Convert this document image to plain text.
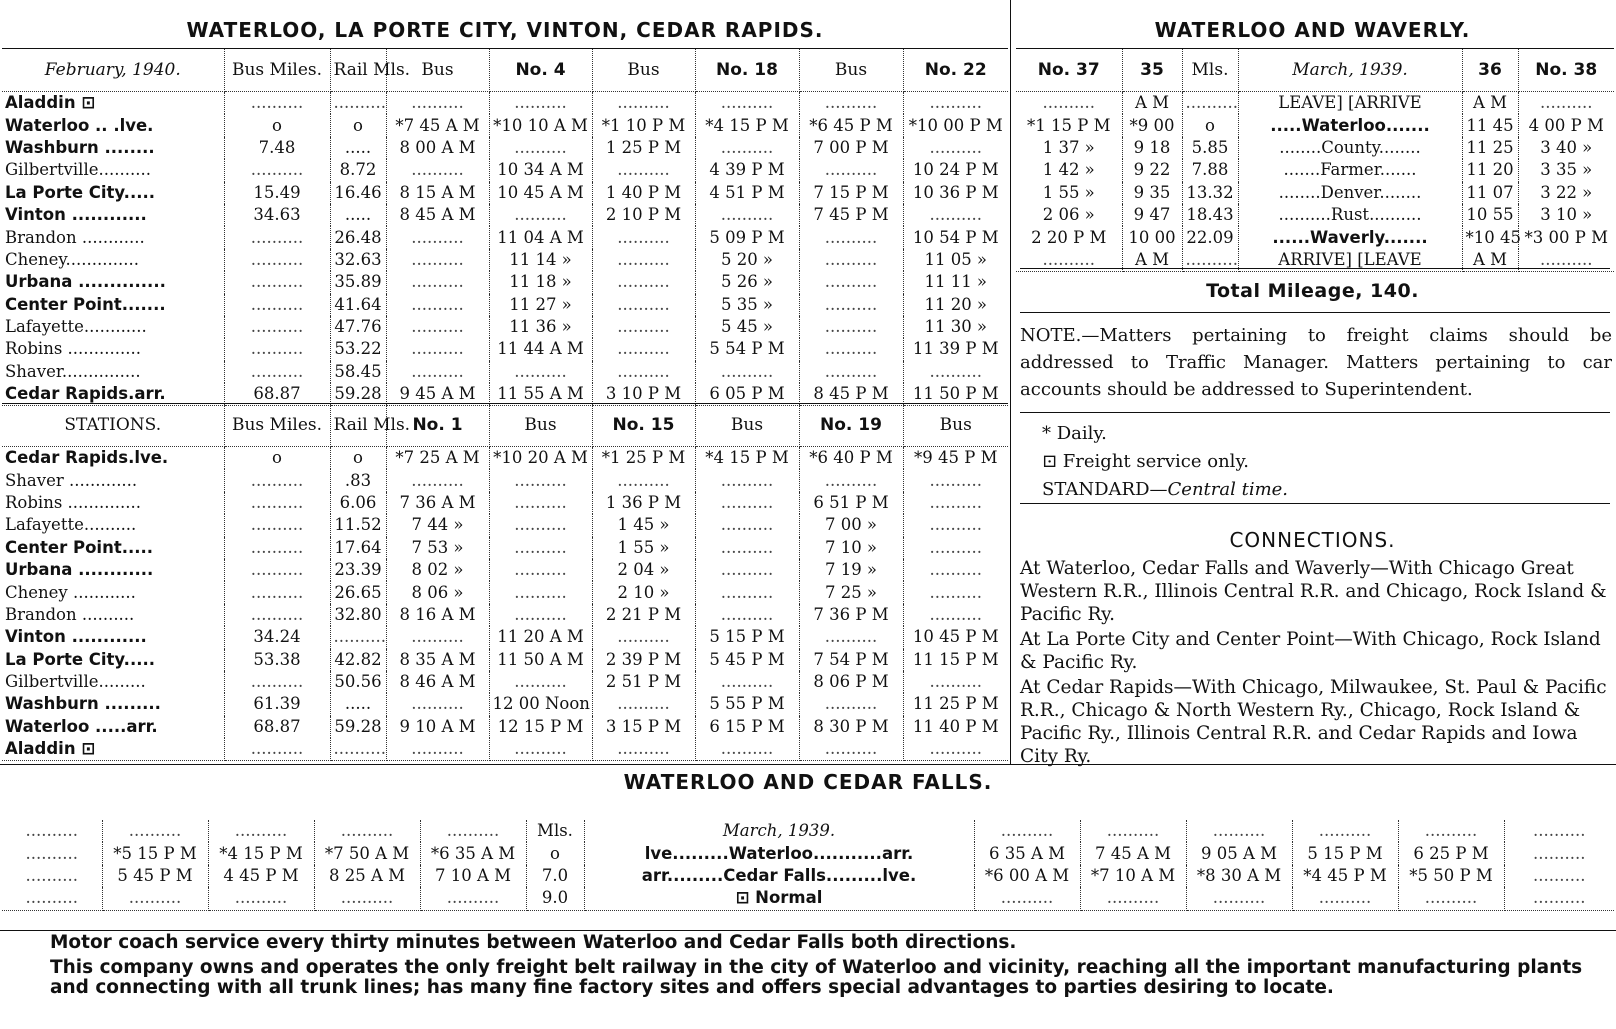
WATERLOO, LA PORTE CITY, VINTON, CEDAR RAPIDS.	WATERLOO AND WAVERLY.
WATERLOO AND CEDAR FALLS.
February, 1940.	Bus Miles.	Rail Mls.	Bus	No. 4	Bus	No. 18	Bus	No. 22
Aladdin ⊡	..........	..........	..........	..........	..........	..........	..........	..........
Waterloo .. .lve.	o	o	*7 45 A M	*10 10 A M	*1 10 P M	*4 15 P M	*6 45 P M	*10 00 P M
Washburn ........	7.48	.....	8 00 A M	..........	1 25 P M	..........	7 00 P M	..........
Gilbertville..........	..........	8.72	..........	10 34 A M	..........	4 39 P M	..........	10 24 P M
La Porte City.....	15.49	16.46	8 15 A M	10 45 A M	1 40 P M	4 51 P M	7 15 P M	10 36 P M
Vinton ............	34.63	.....	8 45 A M	..........	2 10 P M	..........	7 45 P M	..........
Brandon ............	..........	26.48	..........	11 04 A M	..........	5 09 P M	..........	10 54 P M
Cheney..............	..........	32.63	..........	11 14 »	..........	5 20 »	..........	11 05 »
Urbana ..............	..........	35.89	..........	11 18 »	..........	5 26 »	..........	11 11 »
Center Point.......	..........	41.64	..........	11 27 »	..........	5 35 »	..........	11 20 »
Lafayette............	..........	47.76	..........	11 36 »	..........	5 45 »	..........	11 30 »
Robins ..............	..........	53.22	..........	11 44 A M	..........	5 54 P M	..........	11 39 P M
Shaver...............	..........	58.45	..........	..........	..........	..........	..........	..........
Cedar Rapids.arr.	68.87	59.28	9 45 A M	11 55 A M	3 10 P M	6 05 P M	8 45 P M	11 50 P M
STATIONS.	Bus Miles.	Rail Mls.	No. 1	Bus	No. 15	Bus	No. 19	Bus
Cedar Rapids.lve.	o	o	*7 25 A M	*10 20 A M	*1 25 P M	*4 15 P M	*6 40 P M	*9 45 P M
Shaver .............	..........	.83	..........	..........	..........	..........	..........	..........
Robins ..............	..........	6.06	7 36 A M	..........	1 36 P M	..........	6 51 P M	..........
Lafayette..........	..........	11.52	7 44 »	..........	1 45 »	..........	7 00 »	..........
Center Point.....	..........	17.64	7 53 »	..........	1 55 »	..........	7 10 »	..........
Urbana ............	..........	23.39	8 02 »	..........	2 04 »	..........	7 19 »	..........
Cheney ............	..........	26.65	8 06 »	..........	2 10 »	..........	7 25 »	..........
Brandon ..........	..........	32.80	8 16 A M	..........	2 21 P M	..........	7 36 P M	..........
Vinton ............	34.24	..........	..........	11 20 A M	..........	5 15 P M	..........	10 45 P M
La Porte City.....	53.38	42.82	8 35 A M	11 50 A M	2 39 P M	5 45 P M	7 54 P M	11 15 P M
Gilbertville.........	..........	50.56	8 46 A M	..........	2 51 P M	..........	8 06 P M	..........
Washburn .........	61.39	.....	..........	12 00 Noon	..........	5 55 P M	..........	11 25 P M
Waterloo .....arr.	68.87	59.28	9 10 A M	12 15 P M	3 15 P M	6 15 P M	8 30 P M	11 40 P M
Aladdin ⊡	..........	..........	..........	..........	..........	..........	..........	..........
No. 37	35	Mls.	March, 1939.	36	No. 38
..........	A M	..........	LEAVE] [ARRIVE	A M	..........
*1 15 P M	*9 00	o	.....Waterloo.......	11 45	4 00 P M
1 37 »	9 18	5.85	........County........	11 25	3 40 »
1 42 »	9 22	7.88	.......Farmer.......	11 20	3 35 »
1 55 »	9 35	13.32	........Denver........	11 07	3 22 »
2 06 »	9 47	18.43	..........Rust..........	10 55	3 10 »
2 20 P M	10 00	22.09	......Waverly.......	*10 45	*3 00 P M
..........	A M	..........	ARRIVE] [LEAVE	A M	..........
Total Mileage, 140.
NOTE.—Matters pertaining to freight claims should be addressed to Traffic Manager. Matters pertaining to car accounts should be addressed to Superintendent.
* Daily.
⊡ Freight service only.
STANDARD—Central time.
CONNECTIONS.

At Waterloo, Cedar Falls and Waverly—With Chicago Great Western R.R., Illinois Central R.R. and Chicago, Rock Island & Pacific Ry.

At La Porte City and Center Point—With Chicago, Rock Island & Pacific Ry.

At Cedar Rapids—With Chicago, Milwaukee, St. Paul & Pacific R.R., Chicago & North Western Ry., Chicago, Rock Island & Pacific Ry., Illinois Central R.R. and Cedar Rapids and Iowa City Ry.

..........	..........	..........	..........	..........	Mls.	March, 1939.	..........	..........	..........	..........	..........	..........
..........	*5 15 P M	*4 15 P M	*7 50 A M	*6 35 A M	o	lve.........Waterloo...........arr.	6 35 A M	7 45 A M	9 05 A M	5 15 P M	6 25 P M	..........
..........	5 45 P M	4 45 P M	8 25 A M	7 10 A M	7.0	arr.........Cedar Falls.........lve.	*6 00 A M	*7 10 A M	*8 30 A M	*4 45 P M	*5 50 P M	..........
..........	..........	..........	..........	..........	9.0	⊡ Normal	..........	..........	..........	..........	..........	..........
Motor coach service every thirty minutes between Waterloo and Cedar Falls both directions.
This company owns and operates the only freight belt railway in the city of Waterloo and vicinity, reaching all the important manufacturing plants and connecting with all trunk lines; has many fine factory sites and offers special advantages to parties desiring to locate.
